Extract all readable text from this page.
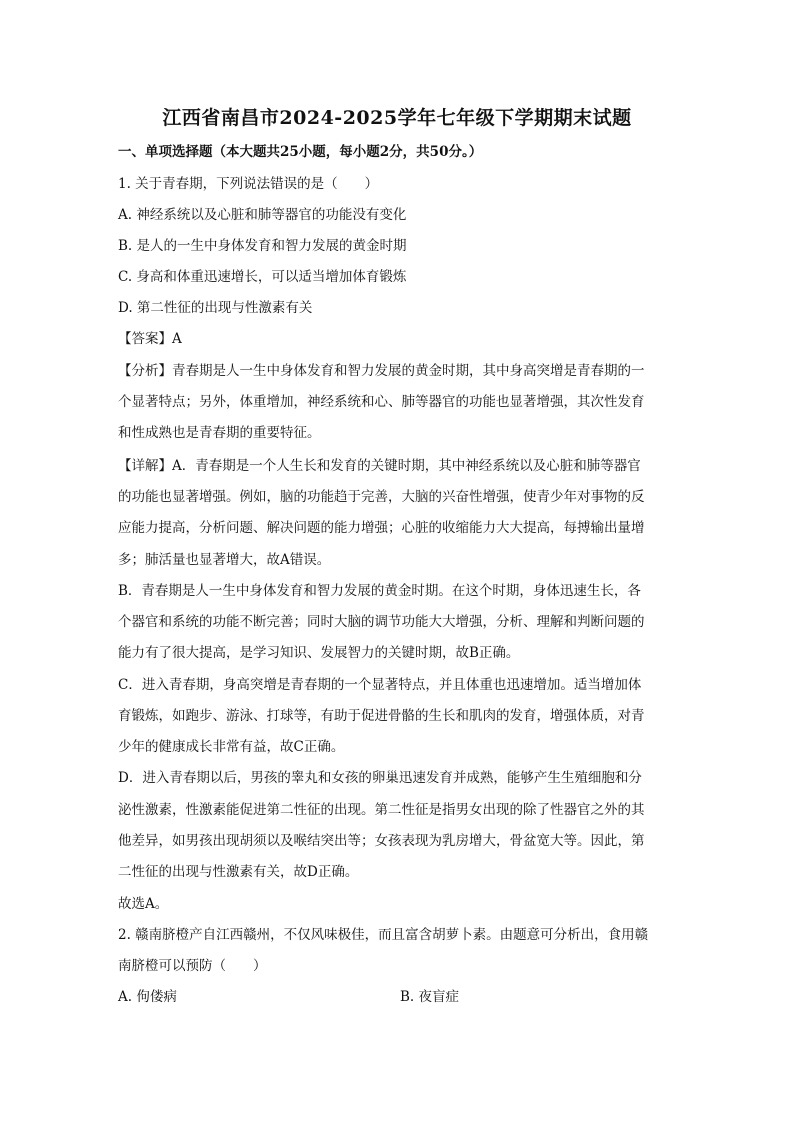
江西省南昌市2024-2025学年七年级下学期期末试题
一、单项选择题（本大题共25小题，每小题2分，共50分。）
1. 关于青春期，下列说法错误的是（　　）
A. 神经系统以及心脏和肺等器官的功能没有变化
B. 是人的一生中身体发育和智力发展的黄金时期
C. 身高和体重迅速增长，可以适当增加体育锻炼
D. 第二性征的出现与性激素有关
【答案】A
【分析】青春期是人一生中身体发育和智力发展的黄金时期，其中身高突增是青春期的一
个显著特点；另外，体重增加，神经系统和心、肺等器官的功能也显著增强，其次性发育
和性成熟也是青春期的重要特征。
【详解】A．青春期是一个人生长和发育的关键时期，其中神经系统以及心脏和肺等器官
的功能也显著增强。例如，脑的功能趋于完善，大脑的兴奋性增强，使青少年对事物的反
应能力提高，分析问题、解决问题的能力增强；心脏的收缩能力大大提高，每搏输出量增
多；肺活量也显著增大，故A错误。
B．青春期是人一生中身体发育和智力发展的黄金时期。在这个时期，身体迅速生长，各
个器官和系统的功能不断完善；同时大脑的调节功能大大增强，分析、理解和判断问题的
能力有了很大提高，是学习知识、发展智力的关键时期，故B正确。
C．进入青春期，身高突增是青春期的一个显著特点，并且体重也迅速增加。适当增加体
育锻炼，如跑步、游泳、打球等，有助于促进骨骼的生长和肌肉的发育，增强体质，对青
少年的健康成长非常有益，故C正确。
D．进入青春期以后，男孩的睾丸和女孩的卵巢迅速发育并成熟，能够产生生殖细胞和分
泌性激素，性激素能促进第二性征的出现。第二性征是指男女出现的除了性器官之外的其
他差异，如男孩出现胡须以及喉结突出等；女孩表现为乳房增大，骨盆宽大等。因此，第
二性征的出现与性激素有关，故D正确。
故选A。
2. 赣南脐橙产自江西赣州，不仅风味极佳，而且富含胡萝卜素。由题意可分析出，食用赣
南脐橙可以预防（　　）
A. 佝偻病	B. 夜盲症
